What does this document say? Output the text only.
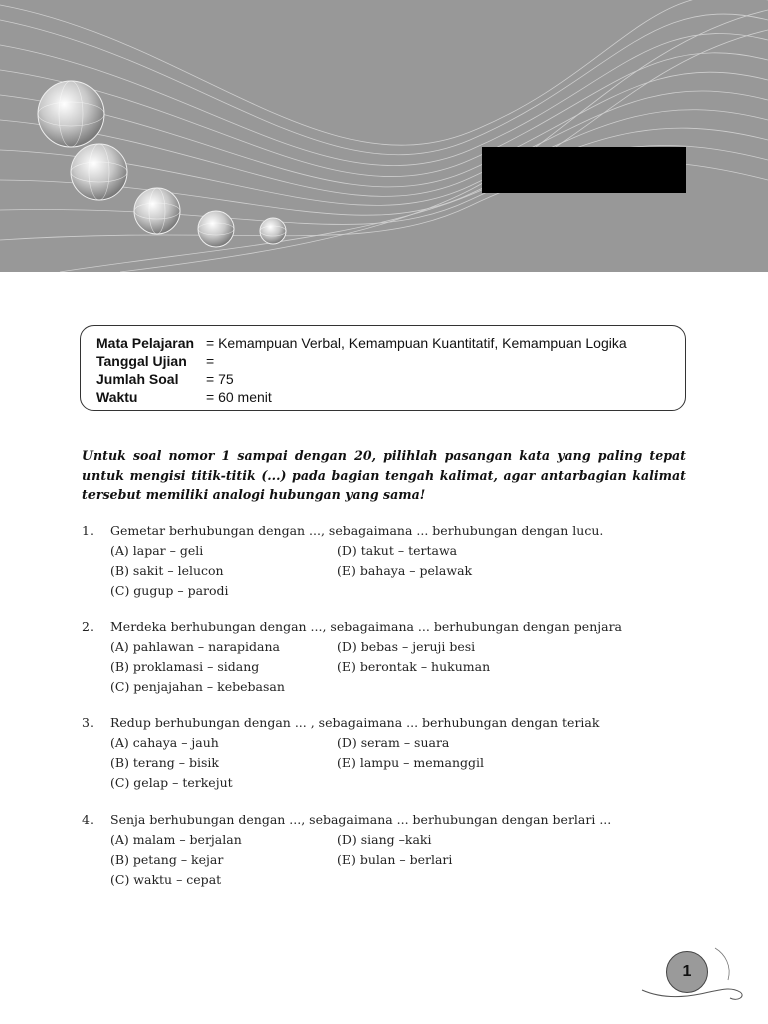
Mata Pelajaran = Kemampuan Verbal, Kemampuan Kuantitatif, Kemampuan Logika
Tanggal Ujian	=
Jumlah Soal	= 75
Waktu	= 60 menit
Untuk soal nomor 1 sampai dengan 20, pilihlah pasangan kata yang paling tepat untuk mengisi titik-titik (...) pada bagian tengah kalimat, agar antarbagian kalimat tersebut memiliki analogi hubungan yang sama!
1.	Gemetar berhubungan dengan ..., sebagaimana ... berhubungan dengan lucu.
(A) lapar – geli	(D) takut – tertawa
(B) sakit – lelucon	(E) bahaya – pelawak
(C) gugup – parodi
2.	Merdeka berhubungan dengan ..., sebagaimana ... berhubungan dengan penjara
(A) pahlawan – narapidana	(D) bebas – jeruji besi
(B) proklamasi – sidang	(E) berontak – hukuman
(C) penjajahan – kebebasan
3.	Redup berhubungan dengan ... , sebagaimana ... berhubungan dengan teriak
(A) cahaya – jauh	(D) seram – suara
(B) terang – bisik	(E) lampu – memanggil
(C) gelap – terkejut
4.	Senja berhubungan dengan ..., sebagaimana ... berhubungan dengan berlari ...
(A) malam – berjalan	(D) siang –kaki
(B) petang – kejar	(E) bulan – berlari
(C) waktu – cepat
1
